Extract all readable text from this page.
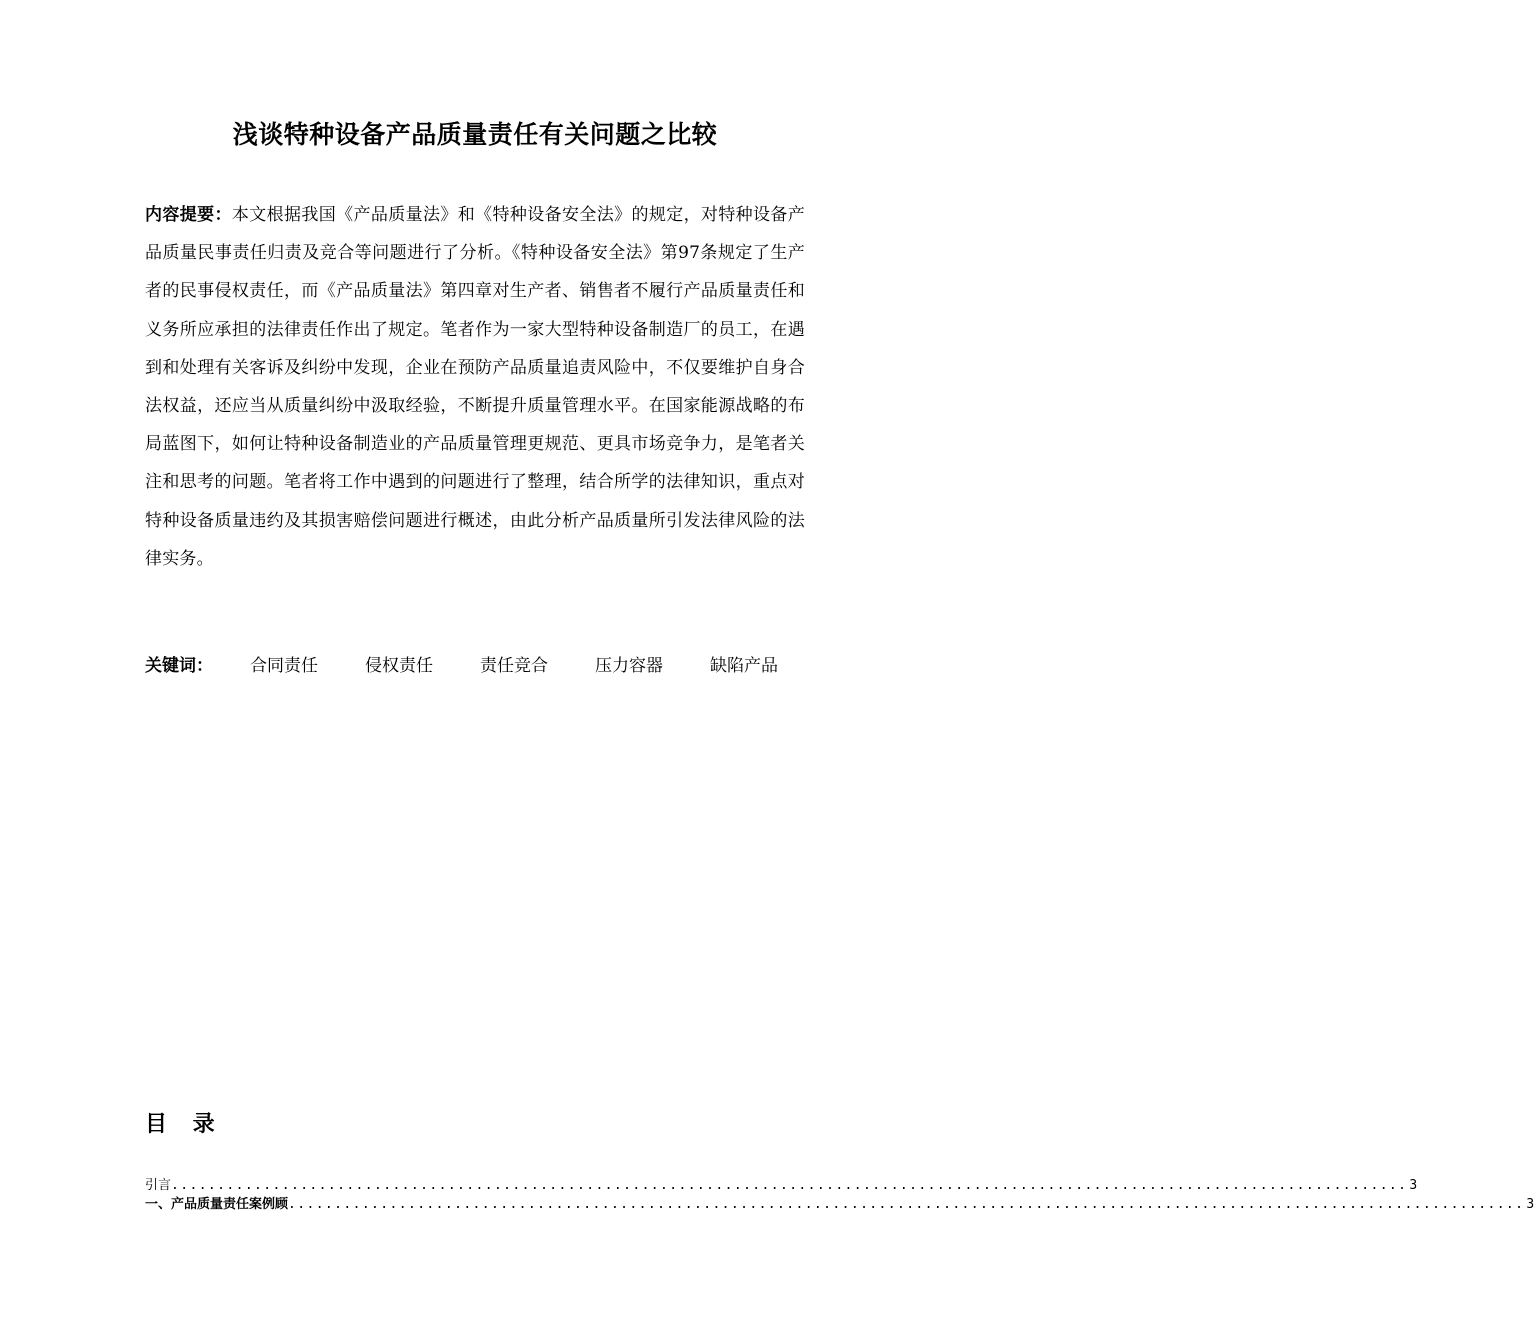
浅谈特种设备产品质量责任有关问题之比较
内容提要：本文根据我国《产品质量法》和《特种设备安全法》的规定，对特种设备产品质量民事责任归责及竞合等问题进行了分析。《特种设备安全法》第97条规定了生产者的民事侵权责任，而《产品质量法》第四章对生产者、销售者不履行产品质量责任和义务所应承担的法律责任作出了规定。笔者作为一家大型特种设备制造厂的员工，在遇到和处理有关客诉及纠纷中发现，企业在预防产品质量追责风险中，不仅要维护自身合法权益，还应当从质量纠纷中汲取经验，不断提升质量管理水平。在国家能源战略的布局蓝图下，如何让特种设备制造业的产品质量管理更规范、更具市场竞争力，是笔者关注和思考的问题。笔者将工作中遇到的问题进行了整理，结合所学的法律知识，重点对特种设备质量违约及其损害赔偿问题进行概述，由此分析产品质量所引发法律风险的法律实务。
关键词： 合同责任	侵权责任	责任竞合	压力容器	缺陷产品
目 录
引言 ...................................................................................................................................... 3
一、产品质量责任案例顾 ...................................................................................................................................... 3
